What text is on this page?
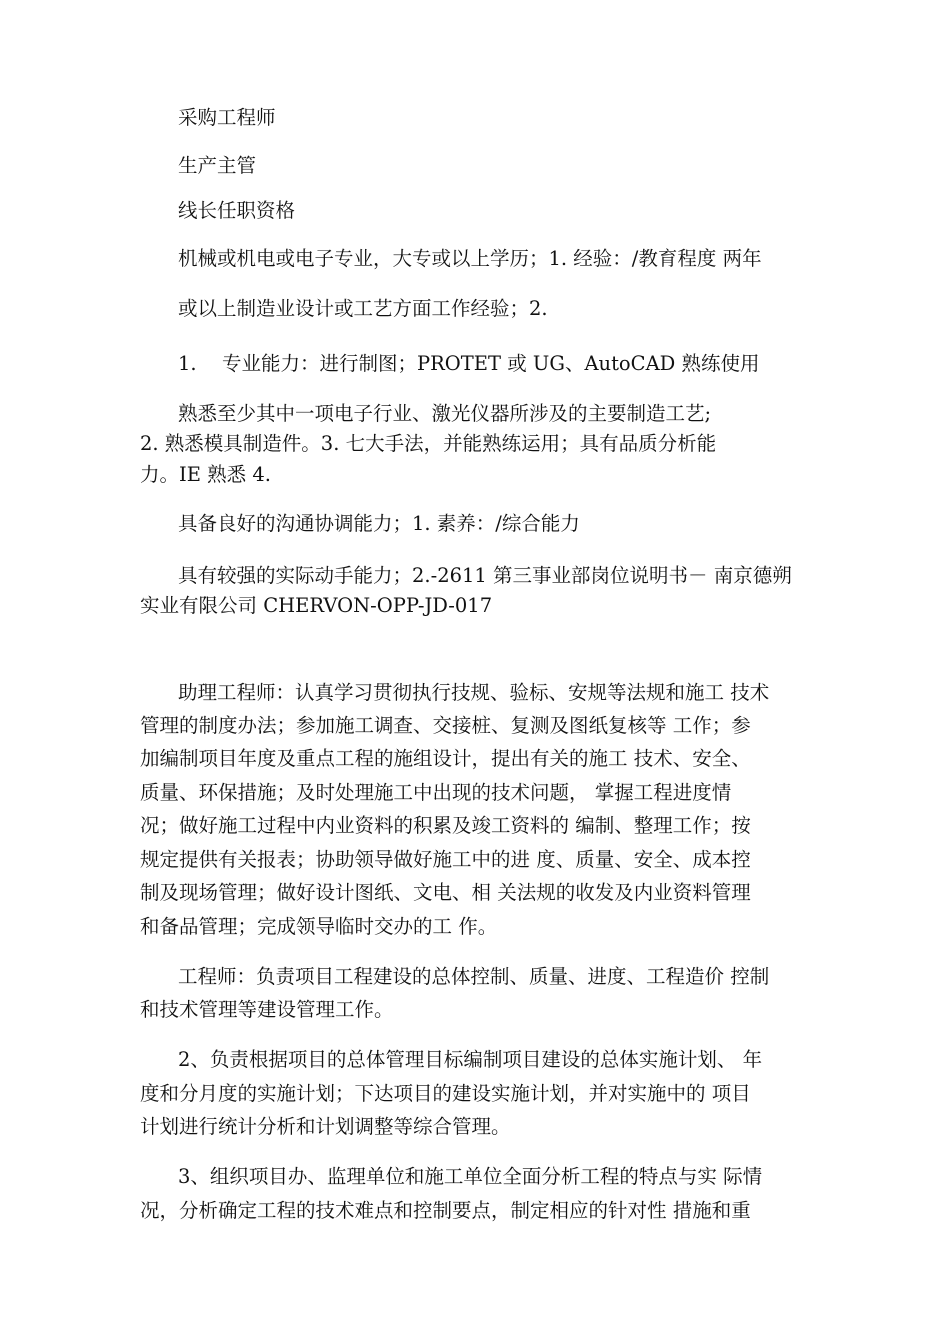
采购工程师
生产主管
线长任职资格
机械或机电或电子专业，大专或以上学历；1. 经验：/教育程度 两年
或以上制造业设计或工艺方面工作经验；2.
1. 专业能力：进行制图；PROTET 或 UG、AutoCAD 熟练使用
熟悉至少其中一项电子行业、激光仪器所涉及的主要制造工艺;
2. 熟悉模具制造件。3. 七大手法，并能熟练运用；具有品质分析能
力。IE 熟悉 4.
具备良好的沟通协调能力；1. 素养：/综合能力
具有较强的实际动手能力；2.-2611 第三事业部岗位说明书－ 南京德朔
实业有限公司 CHERVON-OPP-JD-017
助理工程师：认真学习贯彻执行技规、验标、安规等法规和施工 技术
管理的制度办法；参加施工调查、交接桩、复测及图纸复核等 工作；参
加编制项目年度及重点工程的施组设计，提出有关的施工 技术、安全、
质量、环保措施；及时处理施工中出现的技术问题， 掌握工程进度情
况；做好施工过程中内业资料的积累及竣工资料的 编制、整理工作；按
规定提供有关报表；协助领导做好施工中的进 度、质量、安全、成本控
制及现场管理；做好设计图纸、文电、相 关法规的收发及内业资料管理
和备品管理；完成领导临时交办的工 作。
工程师：负责项目工程建设的总体控制、质量、进度、工程造价 控制
和技术管理等建设管理工作。
2、负责根据项目的总体管理目标编制项目建设的总体实施计划、 年
度和分月度的实施计划；下达项目的建设实施计划，并对实施中的 项目
计划进行统计分析和计划调整等综合管理。
3、组织项目办、监理单位和施工单位全面分析工程的特点与实 际情
况，分析确定工程的技术难点和控制要点，制定相应的针对性 措施和重
